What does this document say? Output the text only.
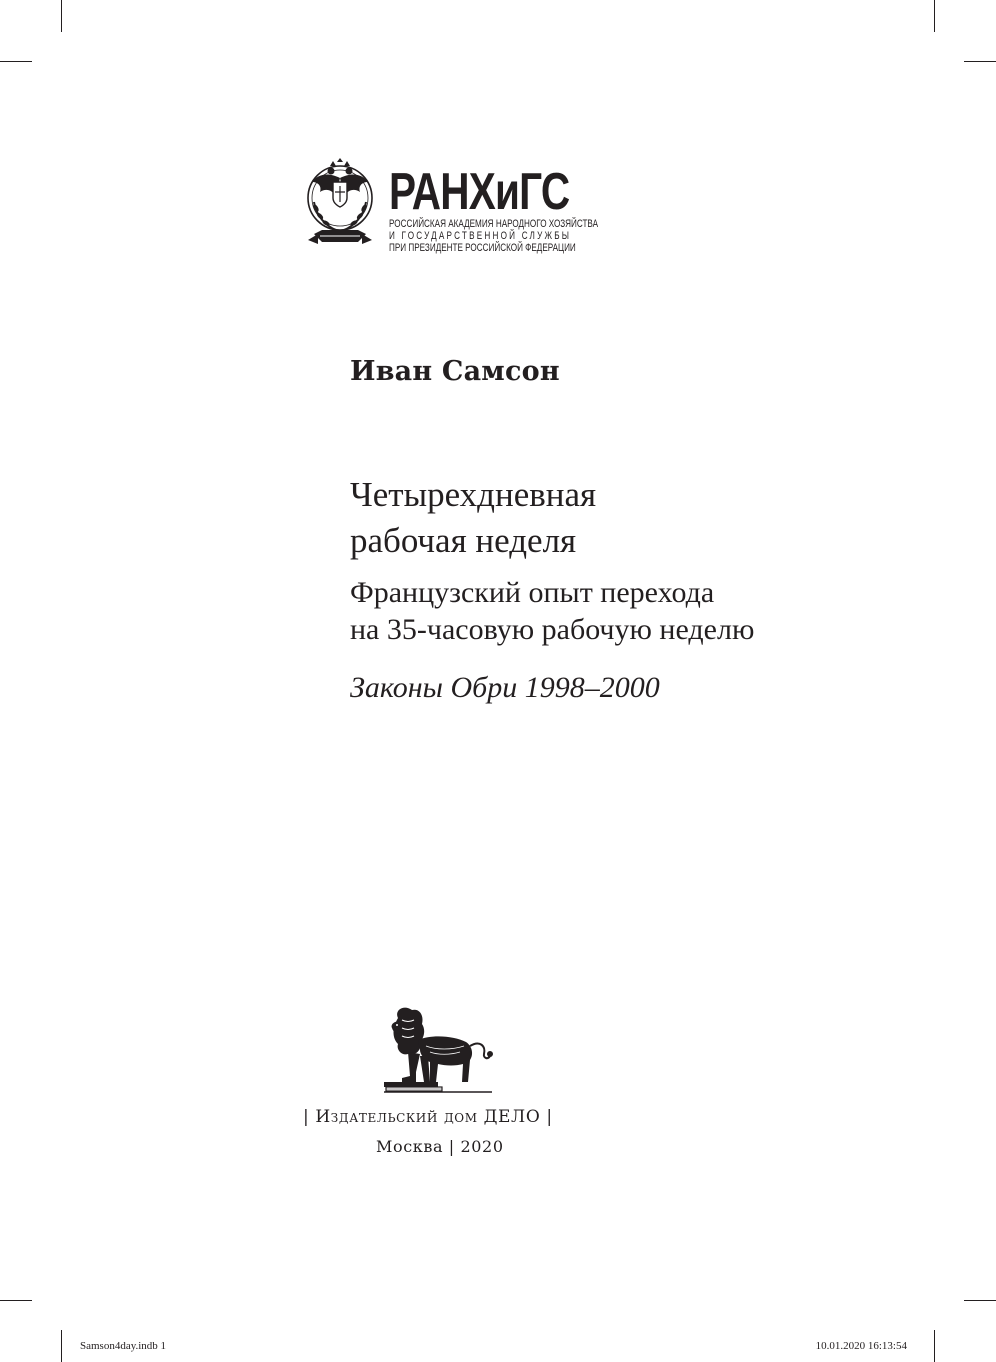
РАНХиГС

РОССИЙСКАЯ АКАДЕМИЯ НАРОДНОГО ХОЗЯЙСТВА

И ГОСУДАРСТВЕННОЙ СЛУЖБЫ

ПРИ ПРЕЗИДЕНТЕ РОССИЙСКОЙ ФЕДЕРАЦИИ

Иван Самсон

Четырехдневная
рабочая неделя

Французский опыт перехода
на 35-часовую рабочую неделю

Законы Обри 1998–2000

| Издательский дом ДЕЛО |

Москва | 2020

Samson4day.indb 1	10.01.2020 16:13:54
